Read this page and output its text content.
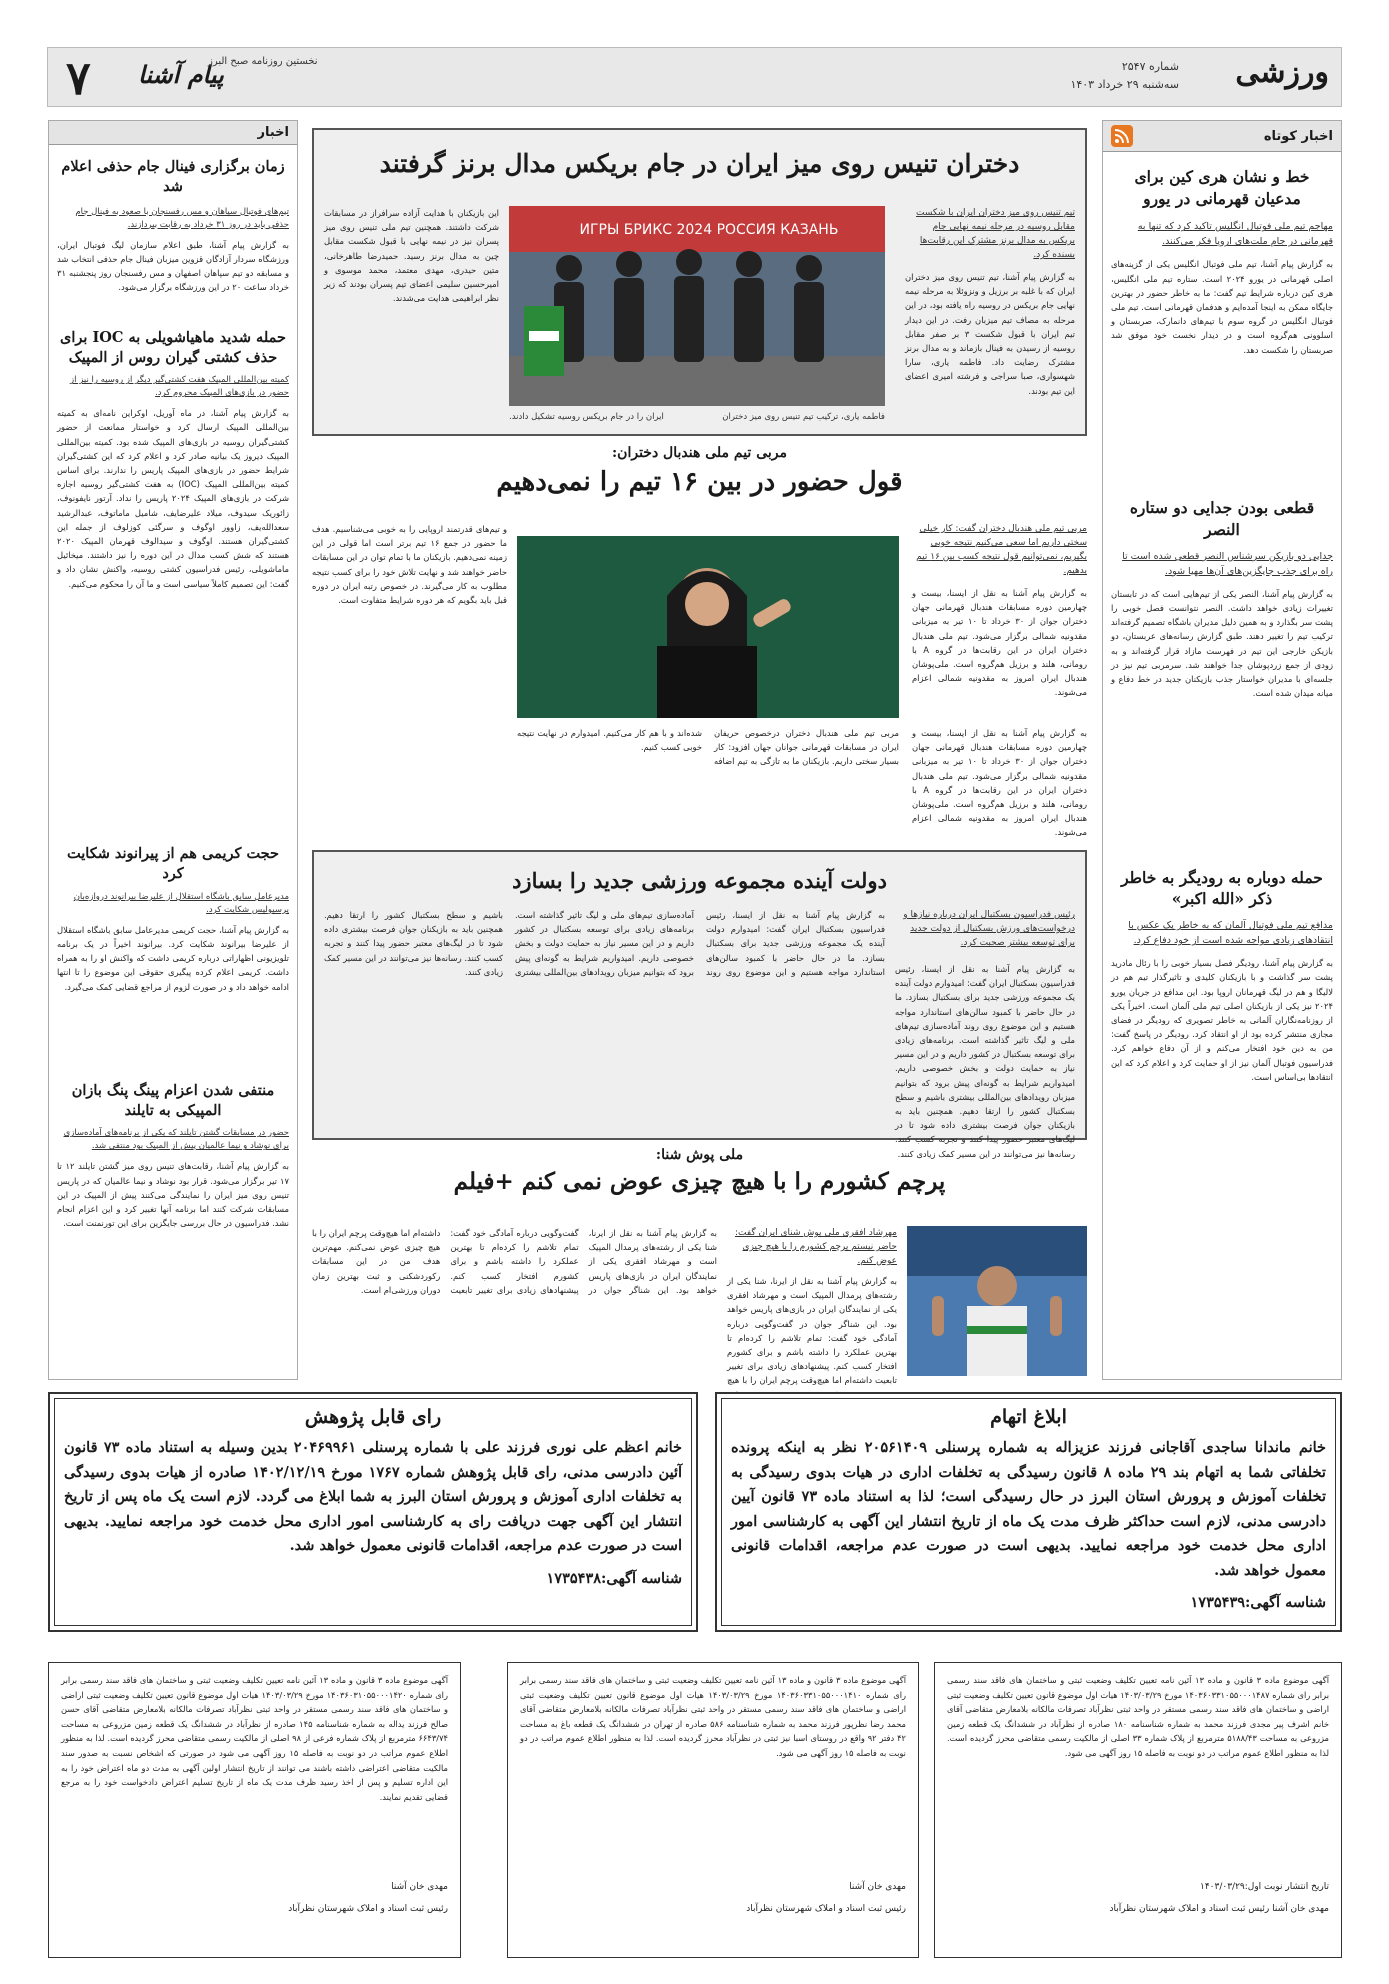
۷ پیام آشنا
نخستین روزنامه صبح البرز	ورزشی
شماره ۲۵۴۷
سه‌شنبه ۲۹ خرداد ۱۴۰۳
اخبار کوتاه
خط و نشان هری کین برای مدعیان قهرمانی در یورو
مهاجم تیم ملی فوتبال انگلیس تاکید کرد که تنها به قهرمانی در جام ملت‌های اروپا فکر می‌کنند.
به گزارش پیام آشنا، تیم ملی فوتبال انگلیس یکی از گزینه‌های اصلی قهرمانی در یورو ۲۰۲۴ است. ستاره تیم ملی انگلیس، هری کین درباره شرایط تیم گفت: ما به خاطر حضور در بهترین جایگاه ممکن به اینجا آمده‌ایم و هدفمان قهرمانی است. تیم ملی فوتبال انگلیس در گروه سوم با تیم‌های دانمارک، صربستان و اسلوونی هم‌گروه است و در دیدار نخست خود موفق شد صربستان را شکست دهد.
قطعی بودن جدایی دو ستاره النصر
جدایی دو بازیکن سرشناس النصر قطعی شده است تا راه برای جذب جایگزین‌های آن‌ها مهیا شود.
به گزارش پیام آشنا، النصر یکی از تیم‌هایی است که در تابستان تغییرات زیادی خواهد داشت. النصر نتوانست فصل خوبی را پشت سر بگذارد و به همین دلیل مدیران باشگاه تصمیم گرفته‌اند ترکیب تیم را تغییر دهند. طبق گزارش رسانه‌های عربستان، دو بازیکن خارجی این تیم در فهرست مازاد قرار گرفته‌اند و به زودی از جمع زردپوشان جدا خواهند شد. سرمربی تیم نیز در جلسه‌ای با مدیران خواستار جذب بازیکنان جدید در خط دفاع و میانه میدان شده است.
حمله دوباره به رودیگر به خاطر ذکر «الله اکبر»
مدافع تیم ملی فوتبال آلمان که به خاطر یک عکس با انتقادهای زیادی مواجه شده است از خود دفاع کرد.
به گزارش پیام آشنا، رودیگر فصل بسیار خوبی را با رئال مادرید پشت سر گذاشت و با بازیکنان کلیدی و تاثیرگذار تیم هم در لالیگا و هم در لیگ قهرمانان اروپا بود. این مدافع در جریان یورو ۲۰۲۴ نیز یکی از بازیکنان اصلی تیم ملی آلمان است. اخیراً یکی از روزنامه‌نگاران آلمانی به خاطر تصویری که رودیگر در فضای مجازی منتشر کرده بود از او انتقاد کرد. رودیگر در پاسخ گفت: من به دین خود افتخار می‌کنم و از آن دفاع خواهم کرد. فدراسیون فوتبال آلمان نیز از او حمایت کرد و اعلام کرد که این انتقادها بی‌اساس است.
اخبار
زمان برگزاری فینال جام حذفی اعلام شد
تیم‌های فوتبال سپاهان و مس رفسنجان با صعود به فینال جام حذفی باید در روز ۳۱ خرداد به رقابت بپردازند.
به گزارش پیام آشنا، طبق اعلام سازمان لیگ فوتبال ایران، ورزشگاه سردار آزادگان قزوین میزبان فینال جام حذفی انتخاب شد و مسابقه دو تیم سپاهان اصفهان و مس رفسنجان روز پنجشنبه ۳۱ خرداد ساعت ۲۰ در این ورزشگاه برگزار می‌شود.
حمله شدید ماهیاشویلی به IOC برای حذف کشتی گیران روس از المپیک
کمیته بین‌المللی المپیک هفت کشتی‌گیر دیگر از روسیه را نیز از حضور در بازی‌های المپیک محروم کرد.
به گزارش پیام آشنا، در ماه آوریل، اوکراین نامه‌ای به کمیته بین‌المللی المپیک ارسال کرد و خواستار ممانعت از حضور کشتی‌گیران روسیه در بازی‌های المپیک شده بود. کمیته بین‌المللی المپیک دیروز یک بیانیه صادر کرد و اعلام کرد که این کشتی‌گیران شرایط حضور در بازی‌های المپیک پاریس را ندارند. برای اساس کمیته بین‌المللی المپیک (IOC) به هفت کشتی‌گیر روسیه اجازه شرکت در بازی‌های المپیک ۲۰۲۴ پاریس را نداد. آرتور نایفونوف، زائوریک سیدوف، میلاد علیرضایف، شامیل ماماتوف، عبدالرشید سعدالله‌یف، زاوور اوگوف و سرگئی کوزلوف از جمله این کشتی‌گیران هستند. اوگوف و سیدالوف قهرمان المپیک ۲۰۲۰ هستند که شش کسب مدال در این دوره را نیز داشتند. میخائیل ماماشویلی، رئیس فدراسیون کشتی روسیه، واکنش نشان داد و گفت: این تصمیم کاملاً سیاسی است و ما آن را محکوم می‌کنیم.
حجت کریمی هم از پیرانوند شکایت کرد
مدیرعامل سابق باشگاه استقلال از علیرضا بیرانوند دروازه‌بان پرسپولیس شکایت کرد.
به گزارش پیام آشنا، حجت کریمی مدیرعامل سابق باشگاه استقلال از علیرضا بیرانوند شکایت کرد. بیرانوند اخیراً در یک برنامه تلویزیونی اظهاراتی درباره کریمی داشت که واکنش او را به همراه داشت. کریمی اعلام کرده پیگیری حقوقی این موضوع را تا انتها ادامه خواهد داد و در صورت لزوم از مراجع قضایی کمک می‌گیرد.
منتفی شدن اعزام پینگ پنگ بازان المپیکی به تایلند
حضور در مسابقات گشتن تایلند که یکی از برنامه‌های آماده‌سازی برای نوشاد و نیما عالمیان پیش از المپیک بود منتفی شد.
به گزارش پیام آشنا، رقابت‌های تنیس روی میز گشتن تایلند ۱۲ تا ۱۷ تیر برگزار می‌شود. قرار بود نوشاد و نیما عالمیان که در پاریس تنیس روی میز ایران را نمایندگی می‌کنند پیش از المپیک در این مسابقات شرکت کنند اما برنامه آنها تغییر کرد و این اعزام انجام نشد. فدراسیون در حال بررسی جایگزین برای این تورنمنت است.
دختران تنیس روی میز ایران در جام بریکس مدال برنز گرفتند
تیم تنیس روی میز دختران ایران با شکست مقابل روسیه در مرحله نیمه نهایی جام بریکس به مدال برنز مشترک این رقابت‌ها بسنده کرد.
به گزارش پیام آشنا، تیم تنیس روی میز دختران ایران که با غلبه بر برزیل و ونزوئلا به مرحله نیمه نهایی جام بریکس در روسیه راه یافته بود، در این مرحله به مصاف تیم میزبان رفت. در این دیدار تیم ایران با قبول شکست ۳ بر صفر مقابل روسیه از رسیدن به فینال بازماند و به مدال برنز مشترک رضایت داد. فاطمه یاری، سارا شهسواری، صبا سراجی و فرشته امیری اعضای این تیم بودند.
ИГРЫ БРИКС 2024 РОССИЯ КАЗАНЬ
این بازیکنان با هدایت آزاده سرافراز در مسابقات شرکت داشتند. همچنین تیم ملی تنیس روی میز پسران نیز در نیمه نهایی با قبول شکست مقابل چین به مدال برنز رسید. حمیدرضا طاهرخانی، متین حیدری، مهدی معتمد، محمد موسوی و امیرحسین سلیمی اعضای تیم پسران بودند که زیر نظر ابراهیمی هدایت می‌شدند.
فاطمه یاری، ترکیب تیم تنیس روی میز دختران
ایران را در جام بریکس روسیه تشکیل دادند.
مربی تیم ملی هندبال دختران:
قول حضور در بین ۱۶ تیم را نمی‌دهیم
مربی تیم ملی هندبال دختران گفت: کار خیلی سختی داریم اما سعی می‌کنیم نتیجه خوبی بگیریم، نمی‌توانیم قول نتیجه کسب بین ۱۶ تیم بدهیم.
به گزارش پیام آشنا به نقل از ایسنا، بیست و چهارمین دوره مسابقات هندبال قهرمانی جهان دختران جوان از ۳۰ خرداد تا ۱۰ تیر به میزبانی مقدونیه شمالی برگزار می‌شود. تیم ملی هندبال دختران ایران در این رقابت‌ها در گروه A با رومانی، هلند و برزیل هم‌گروه است. ملی‌پوشان هندبال ایران امروز به مقدونیه شمالی اعزام می‌شوند.
و تیم‌های قدرتمند اروپایی را به خوبی می‌شناسیم. هدف ما حضور در جمع ۱۶ تیم برتر است اما قولی در این زمینه نمی‌دهیم. بازیکنان ما با تمام توان در این مسابقات حاضر خواهند شد و نهایت تلاش خود را برای کسب نتیجه مطلوب به کار می‌گیرند. در خصوص رتبه ایران در دوره قبل باید بگویم که هر دوره شرایط متفاوت است.
مربی تیم ملی هندبال دختران درخصوص حریفان ایران در مسابقات قهرمانی جوانان جهان افزود: کار بسیار سختی داریم. بازیکنان ما به تازگی به تیم اضافه شده‌اند و با هم کار می‌کنیم. امیدوارم در نهایت نتیجه خوبی کسب کنیم.
به گزارش پیام آشنا به نقل از ایسنا، بیست و چهارمین دوره مسابقات هندبال قهرمانی جهان دختران جوان از ۳۰ خرداد تا ۱۰ تیر به میزبانی مقدونیه شمالی برگزار می‌شود. تیم ملی هندبال دختران ایران در این رقابت‌ها در گروه A با رومانی، هلند و برزیل هم‌گروه است. ملی‌پوشان هندبال ایران امروز به مقدونیه شمالی اعزام می‌شوند.
دولت آینده مجموعه ورزشی جدید را بسازد
رئیس فدراسیون بسکتبال ایران درباره نیازها و درخواست‌های ورزش بسکتبال از دولت جدید برای توسعه بیشتر صحبت کرد.
به گزارش پیام آشنا به نقل از ایسنا، رئیس فدراسیون بسکتبال ایران گفت: امیدوارم دولت آینده یک مجموعه ورزشی جدید برای بسکتبال بسازد. ما در حال حاضر با کمبود سالن‌های استاندارد مواجه هستیم و این موضوع روی روند آماده‌سازی تیم‌های ملی و لیگ تاثیر گذاشته است. برنامه‌های زیادی برای توسعه بسکتبال در کشور داریم و در این مسیر نیاز به حمایت دولت و بخش خصوصی داریم. امیدواریم شرایط به گونه‌ای پیش برود که بتوانیم میزبان رویدادهای بین‌المللی بیشتری باشیم و سطح بسکتبال کشور را ارتقا دهیم. همچنین باید به بازیکنان جوان فرصت بیشتری داده شود تا در لیگ‌های معتبر حضور پیدا کنند و تجربه کسب کنند. رسانه‌ها نیز می‌توانند در این مسیر کمک زیادی کنند.	به گزارش پیام آشنا به نقل از ایسنا، رئیس فدراسیون بسکتبال ایران گفت: امیدوارم دولت آینده یک مجموعه ورزشی جدید برای بسکتبال بسازد. ما در حال حاضر با کمبود سالن‌های استاندارد مواجه هستیم و این موضوع روی روند آماده‌سازی تیم‌های ملی و لیگ تاثیر گذاشته است. برنامه‌های زیادی برای توسعه بسکتبال در کشور داریم و در این مسیر نیاز به حمایت دولت و بخش خصوصی داریم. امیدواریم شرایط به گونه‌ای پیش برود که بتوانیم میزبان رویدادهای بین‌المللی بیشتری باشیم و سطح بسکتبال کشور را ارتقا دهیم. همچنین باید به بازیکنان جوان فرصت بیشتری داده شود تا در لیگ‌های معتبر حضور پیدا کنند و تجربه کسب کنند. رسانه‌ها نیز می‌توانند در این مسیر کمک زیادی کنند.
ملی پوش شنا:
پرچم کشورم را با هیچ چیزی عوض نمی کنم +فیلم
مهرشاد افقری ملی پوش شنای ایران گفت: حاضر نیستم پرچم کشورم را با هیچ چیزی عوض کنم.
به گزارش پیام آشنا به نقل از ایرنا، شنا یکی از رشته‌های پرمدال المپیک است و مهرشاد افقری یکی از نمایندگان ایران در بازی‌های پاریس خواهد بود. این شناگر جوان در گفت‌وگویی درباره آمادگی خود گفت: تمام تلاشم را کرده‌ام تا بهترین عملکرد را داشته باشم و برای کشورم افتخار کسب کنم. پیشنهادهای زیادی برای تغییر تابعیت داشته‌ام اما هیچ‌وقت پرچم ایران را با هیچ
به گزارش پیام آشنا به نقل از ایرنا، شنا یکی از رشته‌های پرمدال المپیک است و مهرشاد افقری یکی از نمایندگان ایران در بازی‌های پاریس خواهد بود. این شناگر جوان در گفت‌وگویی درباره آمادگی خود گفت: تمام تلاشم را کرده‌ام تا بهترین عملکرد را داشته باشم و برای کشورم افتخار کسب کنم. پیشنهادهای زیادی برای تغییر تابعیت داشته‌ام اما هیچ‌وقت پرچم ایران را با هیچ چیزی عوض نمی‌کنم. مهم‌ترین هدف من در این مسابقات رکوردشکنی و ثبت بهترین زمان دوران ورزشی‌ام است.
ابلاغ اتهام
خانم ماندانا ساجدی آقاجانی فرزند عزیزاله به شماره پرسنلی ۲۰۵۶۱۴۰۹ نظر به اینکه پرونده تخلفاتی شما به اتهام بند ۲۹ ماده ۸ قانون رسیدگی به تخلفات اداری در هیات بدوی رسیدگی به تخلفات آموزش و پرورش استان البرز در حال رسیدگی است؛ لذا به استناد ماده ۷۳ قانون آیین دادرسی مدنی، لازم است حداکثر ظرف مدت یک ماه از تاریخ انتشار این آگهی به کارشناسی امور اداری محل خدمت خود مراجعه نمایید. بدیهی است در صورت عدم مراجعه، اقدامات قانونی معمول خواهد شد.
شناسه آگهی:۱۷۳۵۴۳۹
رای قابل پژوهش
خانم اعظم علی نوری فرزند علی با شماره پرسنلی ۲۰۴۶۹۹۶۱ بدین وسیله به استناد ماده ۷۳ قانون آئین دادرسی مدنی، رای قابل پژوهش شماره ۱۷۶۷ مورخ ۱۴۰۲/۱۲/۱۹ صادره از هیات بدوی رسیدگی به تخلفات اداری آموزش و پرورش استان البرز به شما ابلاغ می گردد. لازم است یک ماه پس از تاریخ انتشار این آگهی جهت دریافت رای به کارشناسی امور اداری محل خدمت خود مراجعه نمایید. بدیهی است در صورت عدم مراجعه، اقدامات قانونی معمول خواهد شد.
شناسه آگهی:۱۷۳۵۴۳۸
آگهی موضوع ماده ۳ قانون و ماده ۱۳ آئین نامه تعیین تکلیف وضعیت ثبتی و ساختمان های فاقد سند رسمی برابر رای شماره ۱۴۰۳۶۰۳۳۱۰۵۵۰۰۰۱۴۸۷ مورخ ۱۴۰۳/۰۳/۲۹ هیات اول موضوع قانون تعیین تکلیف وضعیت ثبتی اراضی و ساختمان های فاقد سند رسمی مستقر در واحد ثبتی نظرآباد تصرفات مالکانه بلامعارض متقاضی آقای خانم اشرف پیر مجدی فرزند محمد به شماره شناسنامه ۱۸۰ صادره از نظرآباد در ششدانگ یک قطعه زمین مزروعی به مساحت ۵۱۸۸/۴۳ مترمربع از پلاک شماره ۳۳ اصلی از مالکیت رسمی متقاضی محرز گردیده است. لذا به منظور اطلاع عموم مراتب در دو نوبت به فاصله ۱۵ روز آگهی می شود.
تاریخ انتشار نوبت اول:۱۴۰۳/۰۳/۲۹
مهدی خان آشنا رئیس ثبت اسناد و املاک شهرستان نظرآباد
آگهی موضوع ماده ۳ قانون و ماده ۱۳ آئین نامه تعیین تکلیف وضعیت ثبتی و ساختمان های فاقد سند رسمی برابر رای شماره ۱۴۰۳۶۰۳۳۱۰۵۵۰۰۰۱۴۱۰ مورخ ۱۴۰۳/۰۳/۲۹ هیات اول موضوع قانون تعیین تکلیف وضعیت ثبتی اراضی و ساختمان های فاقد سند رسمی مستقر در واحد ثبتی نظرآباد تصرفات مالکانه بلامعارض متقاضی آقای محمد رضا نظرپور فرزند محمد به شماره شناسنامه ۵۸۶ صادره از تهران در ششدانگ یک قطعه باغ به مساحت ۴۲ دفتر ۹۲ واقع در روستای اسبا نیز ثبتی در نظرآباد محرز گردیده است. لذا به منظور اطلاع عموم مراتب در دو نوبت به فاصله ۱۵ روز آگهی می شود.
مهدی خان آشنا
رئیس ثبت اسناد و املاک شهرستان نظرآباد
آگهی موضوع ماده ۳ قانون و ماده ۱۳ آئین نامه تعیین تکلیف وضعیت ثبتی و ساختمان های فاقد سند رسمی برابر رای شماره ۱۴۰۳۶۰۳۱۰۵۵۰۰۰۱۴۲۰ مورخ ۱۴۰۳/۰۳/۲۹ هیات اول موضوع قانون تعیین تکلیف وضعیت ثبتی اراضی و ساختمان های فاقد سند رسمی مستقر در واحد ثبتی نظرآباد تصرفات مالکانه بلامعارض متقاضی آقای حسن صالح فرزند یداله به شماره شناسنامه ۱۴۵ صادره از نظرآباد در ششدانگ یک قطعه زمین مزروعی به مساحت ۶۶۴۳/۷۴ مترمربع از پلاک شماره فرعی از ۹۸ اصلی از مالکیت رسمی متقاضی محرز گردیده است. لذا به منظور اطلاع عموم مراتب در دو نوبت به فاصله ۱۵ روز آگهی می شود در صورتی که اشخاص نسبت به صدور سند مالکیت متقاضی اعتراضی داشته باشند می توانند از تاریخ انتشار اولین آگهی به مدت دو ماه اعتراض خود را به این اداره تسلیم و پس از اخذ رسید ظرف مدت یک ماه از تاریخ تسلیم اعتراض دادخواست خود را به مرجع قضایی تقدیم نمایند.
مهدی خان آشنا
رئیس ثبت اسناد و املاک شهرستان نظرآباد
